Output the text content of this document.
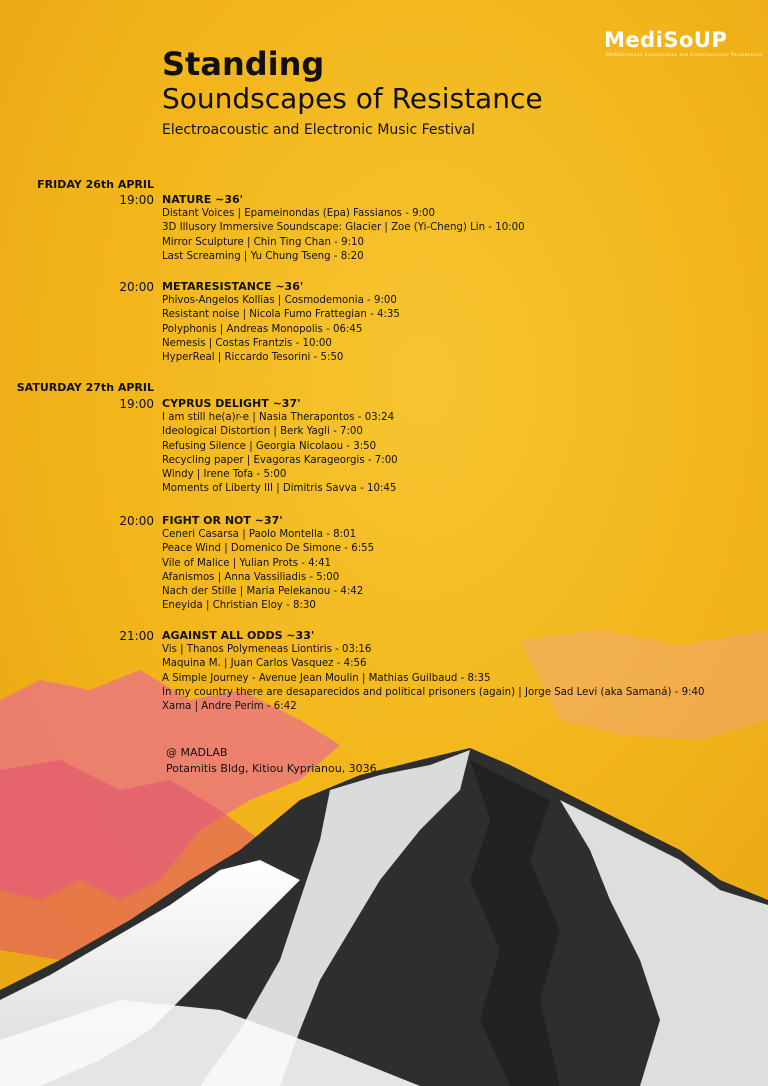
MediSoUP
Mediterranean Soundscapes and Electroacoustic Perspectives
Standing
Soundscapes of Resistance
Electroacoustic and Electronic Music Festival
FRIDAY 26th APRIL
19:00 NATURE ~36'
Distant Voices | Epameinondas (Epa) Fassianos - 9:00
3D Illusory Immersive Soundscape: Glacier | Zoe (Yi-Cheng) Lin - 10:00
Mirror Sculpture | Chin Ting Chan - 9:10
Last Screaming | Yu Chung Tseng - 8:20
20:00 METARESISTANCE ~36'
Phivos-Angelos Kollias | Cosmodemonia - 9:00
Resistant noise | Nicola Fumo Frattegian - 4:35
Polyphonis | Andreas Monopolis - 06:45
Nemesis | Costas Frantzis - 10:00
HyperReal | Riccardo Tesorini - 5:50
SATURDAY 27th APRIL
19:00 CYPRUS DELIGHT ~37'
I am still he(a)r-e | Nasia Therapontos - 03:24
Ideological Distortion | Berk Yagli - 7:00
Refusing Silence | Georgia Nicolaou - 3:50
Recycling paper | Evagoras Karageorgis - 7:00
Windy | Irene Tofa - 5:00
Moments of Liberty III | Dimitris Savva - 10:45
20:00 FIGHT OR NOT ~37'
Ceneri Casarsa | Paolo Montella - 8:01
Peace Wind | Domenico De Simone - 6:55
Vile of Malice | Yulian Prots - 4:41
Afanismos | Anna Vassiliadis - 5:00
Nach der Stille | Maria Pelekanou - 4:42
Eneyida | Christian Eloy - 8:30
21:00 AGAINST ALL ODDS ~33'
Vis | Thanos Polymeneas Liontiris - 03:16
Maquina M. | Juan Carlos Vasquez - 4:56
A Simple Journey - Avenue Jean Moulin | Mathias Guilbaud - 8:35
In my country there are desaparecidos and political prisoners (again) | Jorge Sad Levi (aka Samaná) - 9:40
Xama | Andre Perim - 6:42
@ MADLAB
Potamitis Bldg, Kitiou Kyprianou, 3036
